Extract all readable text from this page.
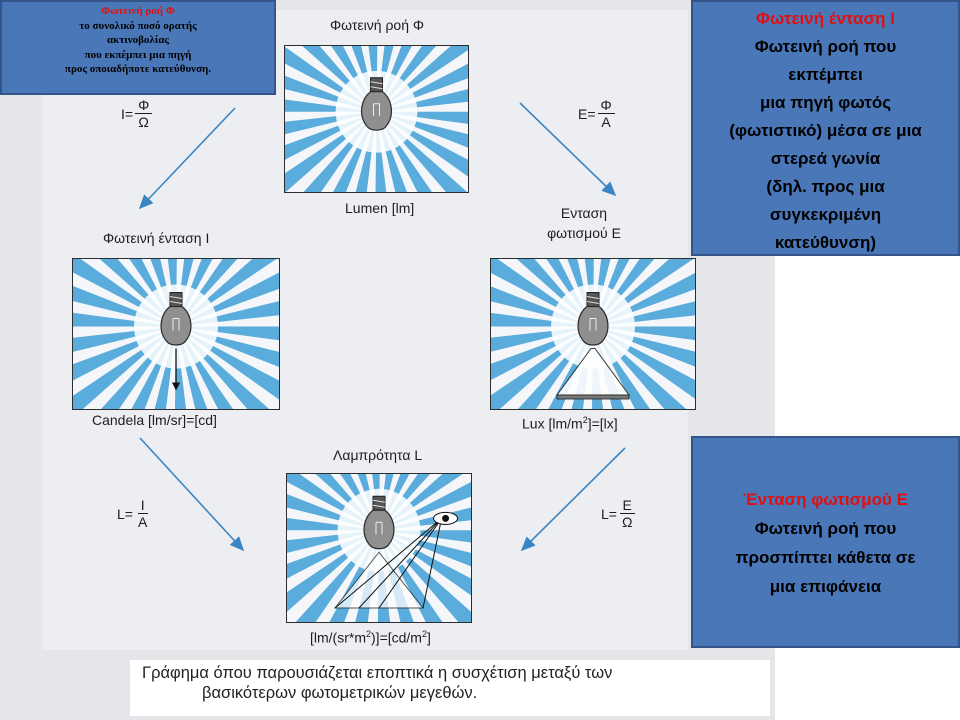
Φωτεινή ροή Φ
Lumen [lm]
Φωτεινή ένταση I
Candela [lm/sr]=[cd]
Ενταση
φωτισμού Ε
Lux $[lm/m^2]=[lx]$
Λαμπρότητα L
$[lm/(sr*m^2)]=[cd/m^2]$
$I= \frac{\Phi}{\Omega}$	$E= \frac{\Phi}{A}$
$L= \frac{I}{A}$	$L= \frac{E}{\Omega}$
Φωτεινή ροή Φ
το συνολικό ποσό ορατής
ακτινοβολίας
που εκπέμπει μια πηγή
προς οποιαδήποτε κατεύθυνση.
Φωτεινή ένταση I
Φωτεινή ροή που
εκπέμπει
μια πηγή φωτός
(φωτιστικό) μέσα σε μια
στερεά γωνία
(δηλ. προς μια
συγκεκριμένη
κατεύθυνση)
Ένταση φωτισμού Ε
Φωτεινή ροή που
προσπίπτει κάθετα σε
μια επιφάνεια
Γράφημα όπου παρουσιάζεται εποπτικά η συσχέτιση μεταξύ των
βασικότερων φωτομετρικών μεγεθών.
